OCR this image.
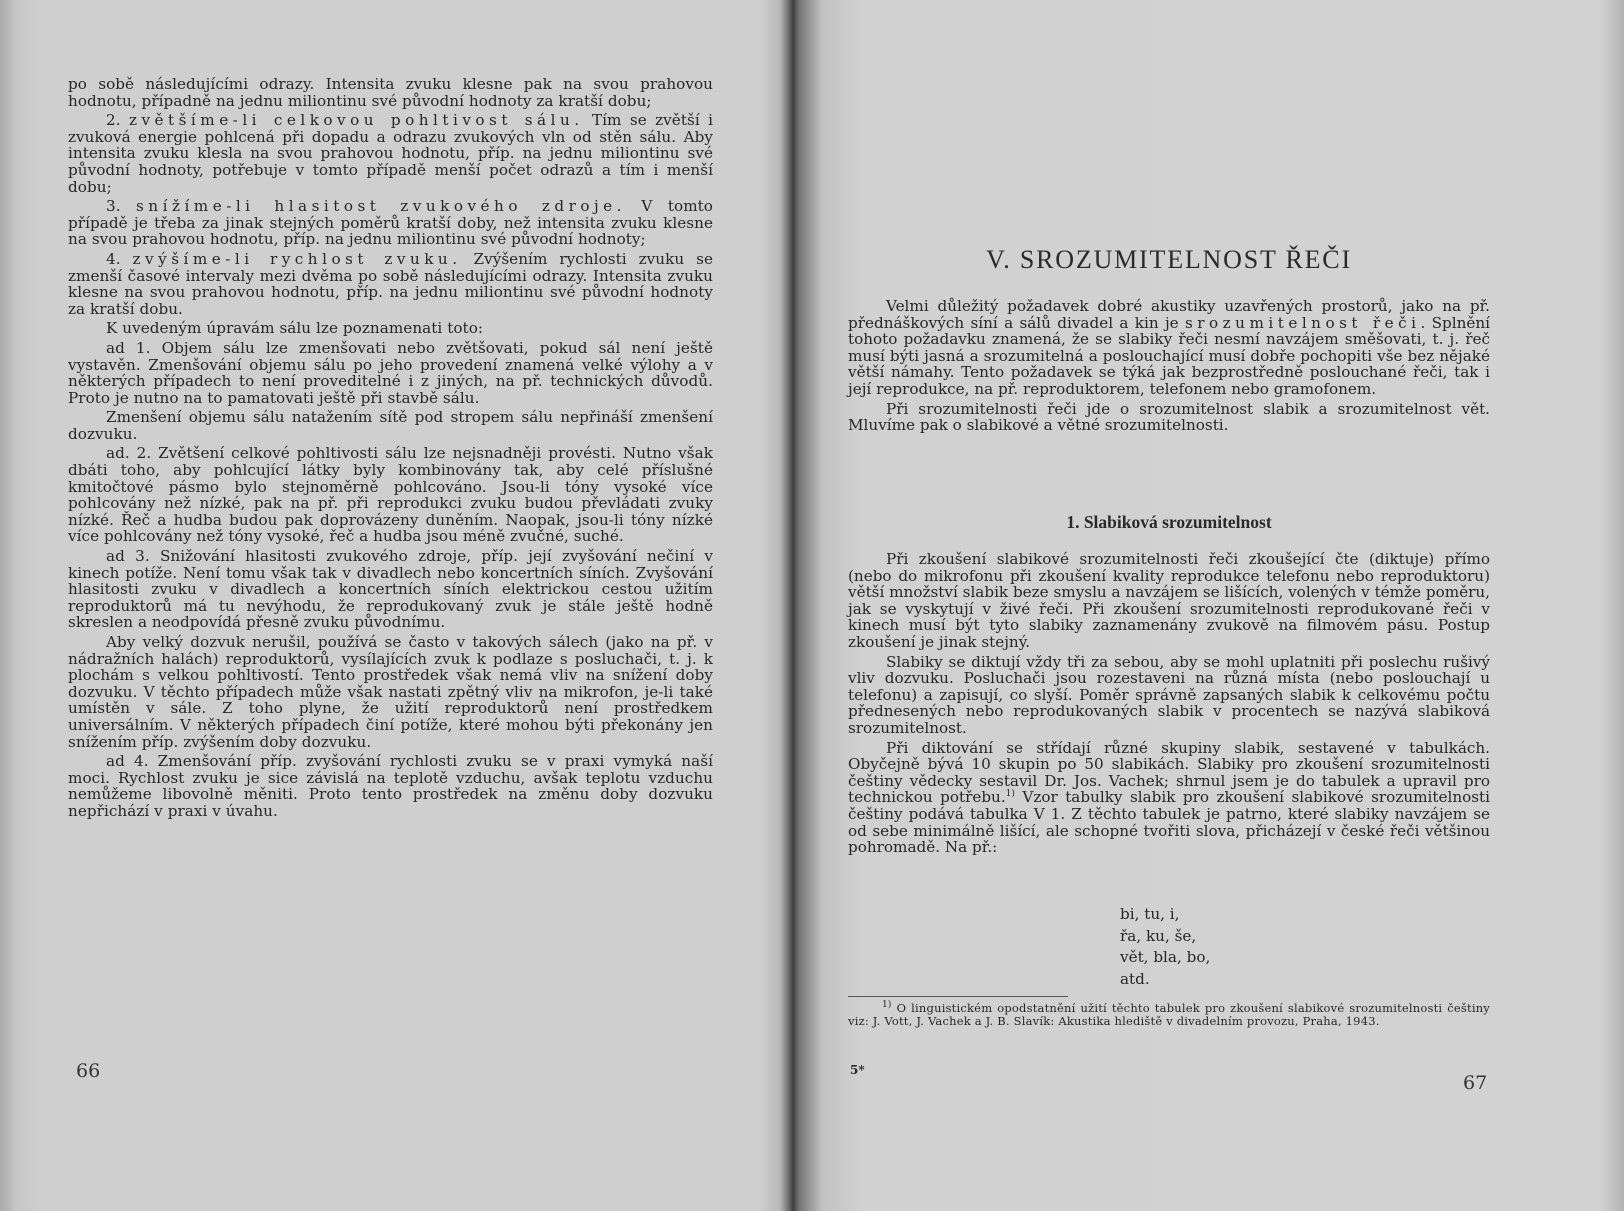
po sobě následujícími odrazy. Intensita zvuku klesne pak na svou prahovou hodnotu, případně na jednu miliontinu své původní hodnoty za kratší dobu;

2. zvětšíme-li celkovou pohltivost sálu. Tím se zvětší i zvuková energie pohlcená při dopadu a odrazu zvukových vln od stěn sálu. Aby intensita zvuku klesla na svou prahovou hodnotu, příp. na jednu miliontinu své původní hodnoty, potřebuje v tomto případě menší počet odrazů a tím i menší dobu;

3. snížíme-li hlasitost zvukového zdroje. V tomto případě je třeba za jinak stejných poměrů kratší doby, než intensita zvuku klesne na svou prahovou hodnotu, příp. na jednu miliontinu své původní hodnoty;

4. zvýšíme-li rychlost zvuku. Zvýšením rychlosti zvuku se zmenší časové intervaly mezi dvěma po sobě následujícími odrazy. Intensita zvuku klesne na svou prahovou hodnotu, příp. na jednu miliontinu své původní hodnoty za kratší dobu.

K uvedeným úpravám sálu lze poznamenati toto:

ad 1. Objem sálu lze zmenšovati nebo zvětšovati, pokud sál není ještě vystavěn. Zmenšování objemu sálu po jeho provedení znamená velké výlohy a v některých případech to není proveditelné i z jiných, na př. technických důvodů. Proto je nutno na to pamatovati ještě při stavbě sálu.

Zmenšení objemu sálu natažením sítě pod stropem sálu nepřináší zmenšení dozvuku.

ad. 2. Zvětšení celkové pohltivosti sálu lze nejsnadněji provésti. Nutno však dbáti toho, aby pohlcující látky byly kombinovány tak, aby celé příslušné kmitočtové pásmo bylo stejnoměrně pohlcováno. Jsou-li tóny vysoké více pohlcovány než nízké, pak na př. při reprodukci zvuku budou převládati zvuky nízké. Řeč a hudba budou pak doprovázeny duněním. Naopak, jsou-li tóny nízké více pohlcovány než tóny vysoké, řeč a hudba jsou méně zvučné, suché.

ad 3. Snižování hlasitosti zvukového zdroje, příp. její zvyšování nečiní v kinech potíže. Není tomu však tak v divadlech nebo koncertních síních. Zvyšování hlasitosti zvuku v divadlech a koncertních síních elektrickou cestou užitím reproduktorů má tu nevýhodu, že reprodukovaný zvuk je stále ještě hodně skreslen a neodpovídá přesně zvuku původnímu.

Aby velký dozvuk nerušil, používá se často v takových sálech (jako na př. v nádražních halách) reproduktorů, vysílajících zvuk k podlaze s posluchači, t. j. k plochám s velkou pohltivostí. Tento prostředek však nemá vliv na snížení doby dozvuku. V těchto případech může však nastati zpětný vliv na mikrofon, je-li také umístěn v sále. Z toho plyne, že užití reproduktorů není prostředkem universálním. V některých případech činí potíže, které mohou býti překonány jen snížením příp. zvýšením doby dozvuku.

ad 4. Zmenšování příp. zvyšování rychlosti zvuku se v praxi vymyká naší moci. Rychlost zvuku je sice závislá na teplotě vzduchu, avšak teplotu vzduchu nemůžeme libovolně měniti. Proto tento prostředek na změnu doby dozvuku nepřichází v praxi v úvahu.

66
V. SROZUMITELNOST ŘEČI

Velmi důležitý požadavek dobré akustiky uzavřených prostorů, jako na př. přednáškových síní a sálů divadel a kin je srozumitelnost řeči. Splnění tohoto požadavku znamená, že se slabiky řeči nesmí navzájem směšovati, t. j. řeč musí býti jasná a srozumitelná a poslouchající musí dobře pochopiti vše bez nějaké větší námahy. Tento požadavek se týká jak bezprostředně poslouchané řeči, tak i její reprodukce, na př. reproduktorem, telefonem nebo gramofonem.

Při srozumitelnosti řeči jde o srozumitelnost slabik a srozumitelnost vět. Mluvíme pak o slabikové a větné srozumitelnosti.

1. Slabiková srozumitelnost

Při zkoušení slabikové srozumitelnosti řeči zkoušející čte (diktuje) přímo (nebo do mikrofonu při zkoušení kvality reprodukce telefonu nebo reproduktoru) větší množství slabik beze smyslu a navzájem se lišících, volených v témže poměru, jak se vyskytují v živé řeči. Při zkoušení srozumitelnosti reprodukované řeči v kinech musí být tyto slabiky zaznamenány zvukově na filmovém pásu. Postup zkoušení je jinak stejný.

Slabiky se diktují vždy tři za sebou, aby se mohl uplatniti při poslechu rušivý vliv dozvuku. Posluchači jsou rozestaveni na různá místa (nebo poslouchají u telefonu) a zapisují, co slyší. Poměr správně zapsaných slabik k celkovému počtu přednesených nebo reprodukovaných slabik v procentech se nazývá slabiková srozumitelnost.

Při diktování se střídají různé skupiny slabik, sestavené v tabulkách. Obyčejně bývá 10 skupin po 50 slabikách. Slabiky pro zkoušení srozumitelnosti češtiny vědecky sestavil Dr. Jos. Vachek; shrnul jsem je do tabulek a upravil pro technickou potřebu.$^{1)}$ Vzor tabulky slabik pro zkoušení slabikové srozumitelnosti češtiny podává tabulka V 1. Z těchto tabulek je patrno, které slabiky navzájem se od sebe minimálně lišící, ale schopné tvořiti slova, přicházejí v české řeči většinou pohromadě. Na př.:

bi, tu, i,
řa, ku, še,
vět, bla, bo,
atd.
$^{1)}$ O linguistickém opodstatnění užití těchto tabulek pro zkoušení slabikové srozumitelnosti češtiny viz: J. Vott, J. Vachek a J. B. Slavík: Akustika hlediště v divadelním provozu, Praha, 1943.
5*
67
